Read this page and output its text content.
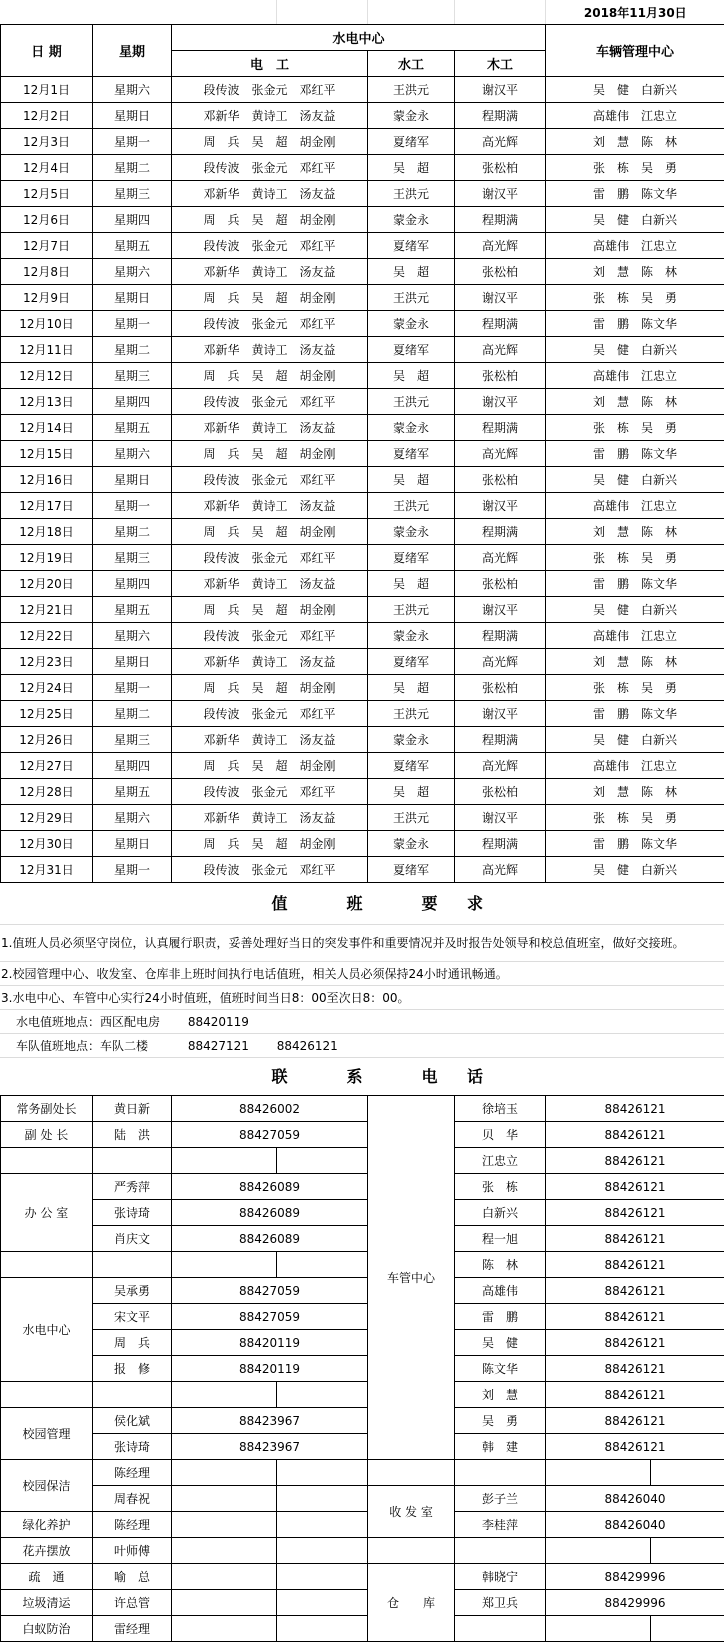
						2018年11月30日
日 期	星期	水电中心				车辆管理中心
		电　工		水工	木工	
12月1日	星期六	段传波　张金元　邓红平		王洪元	谢汉平	吴　健　白新兴
12月2日	星期日	邓新华　黄诗工　汤友益		蒙金永	程期满	高雄伟　江忠立
12月3日	星期一	周　兵　吴　超　胡金刚		夏绪军	高光辉	刘　慧　陈　林
12月4日	星期二	段传波　张金元　邓红平		吴　超	张松柏	张　栋　吴　勇
12月5日	星期三	邓新华　黄诗工　汤友益		王洪元	谢汉平	雷　鹏　陈文华
12月6日	星期四	周　兵　吴　超　胡金刚		蒙金永	程期满	吴　健　白新兴
12月7日	星期五	段传波　张金元　邓红平		夏绪军	高光辉	高雄伟　江忠立
12月8日	星期六	邓新华　黄诗工　汤友益		吴　超	张松柏	刘　慧　陈　林
12月9日	星期日	周　兵　吴　超　胡金刚		王洪元	谢汉平	张　栋　吴　勇
12月10日	星期一	段传波　张金元　邓红平		蒙金永	程期满	雷　鹏　陈文华
12月11日	星期二	邓新华　黄诗工　汤友益		夏绪军	高光辉	吴　健　白新兴
12月12日	星期三	周　兵　吴　超　胡金刚		吴　超	张松柏	高雄伟　江忠立
12月13日	星期四	段传波　张金元　邓红平		王洪元	谢汉平	刘　慧　陈　林
12月14日	星期五	邓新华　黄诗工　汤友益		蒙金永	程期满	张　栋　吴　勇
12月15日	星期六	周　兵　吴　超　胡金刚		夏绪军	高光辉	雷　鹏　陈文华
12月16日	星期日	段传波　张金元　邓红平		吴　超	张松柏	吴　健　白新兴
12月17日	星期一	邓新华　黄诗工　汤友益		王洪元	谢汉平	高雄伟　江忠立
12月18日	星期二	周　兵　吴　超　胡金刚		蒙金永	程期满	刘　慧　陈　林
12月19日	星期三	段传波　张金元　邓红平		夏绪军	高光辉	张　栋　吴　勇
12月20日	星期四	邓新华　黄诗工　汤友益		吴　超	张松柏	雷　鹏　陈文华
12月21日	星期五	周　兵　吴　超　胡金刚		王洪元	谢汉平	吴　健　白新兴
12月22日	星期六	段传波　张金元　邓红平		蒙金永	程期满	高雄伟　江忠立
12月23日	星期日	邓新华　黄诗工　汤友益		夏绪军	高光辉	刘　慧　陈　林
12月24日	星期一	周　兵　吴　超　胡金刚		吴　超	张松柏	张　栋　吴　勇
12月25日	星期二	段传波　张金元　邓红平		王洪元	谢汉平	雷　鹏　陈文华
12月26日	星期三	邓新华　黄诗工　汤友益		蒙金永	程期满	吴　健　白新兴
12月27日	星期四	周　兵　吴　超　胡金刚		夏绪军	高光辉	高雄伟　江忠立
12月28日	星期五	段传波　张金元　邓红平		吴　超	张松柏	刘　慧　陈　林
12月29日	星期六	邓新华　黄诗工　汤友益		王洪元	谢汉平	张　栋　吴　勇
12月30日	星期日	周　兵　吴　超　胡金刚		蒙金永	程期满	雷　鹏　陈文华
12月31日	星期一	段传波　张金元　邓红平		夏绪军	高光辉	吴　健　白新兴
值	班	要 求
1.值班人员必须坚守岗位，认真履行职责，妥善处理好当日的突发事件和重要情况并及时报告处领导和校总值班室，做好交接班。
2.校园管理中心、收发室、仓库非上班时间执行电话值班，相关人员必须保持24小时通讯畅通。
3.水电中心、车管中心实行24小时值班，值班时间当日8：00至次日8：00。
水电值班地点：西区配电房　　 88420119
车队值班地点：车队二楼　　　 88427121　　 88426121
联	系	电 话
常务副处长	黄日新	88426002		车管中心	徐培玉	88426121	
副 处 长	陆　洪	88427059			贝　华	88426121	
					江忠立	88426121	
办 公 室	严秀萍	88426089			张　栋	88426121	
	张诗琦	88426089			白新兴	88426121	
	肖庆文	88426089			程一旭	88426121	
					陈　林	88426121	
水电中心	吴承勇	88427059			高雄伟	88426121	
	宋文平	88427059			雷　鹏	88426121	
	周　兵	88420119			吴　健	88426121	
	报　修	88420119			陈文华	88426121	
					刘　慧	88426121	
校园管理	侯化斌	88423967			吴　勇	88426121	
	张诗琦	88423967			韩　建	88426121	
校园保洁	陈经理						
	周春祝			收 发 室	彭子兰	88426040	
绿化养护	陈经理				李桂萍	88426040	
花卉摆放	叶师傅						
疏　通	喻　总			仓　　库	韩晓宁	88429996	
垃圾清运	许总管				郑卫兵	88429996	
白蚁防治	雷经理						
